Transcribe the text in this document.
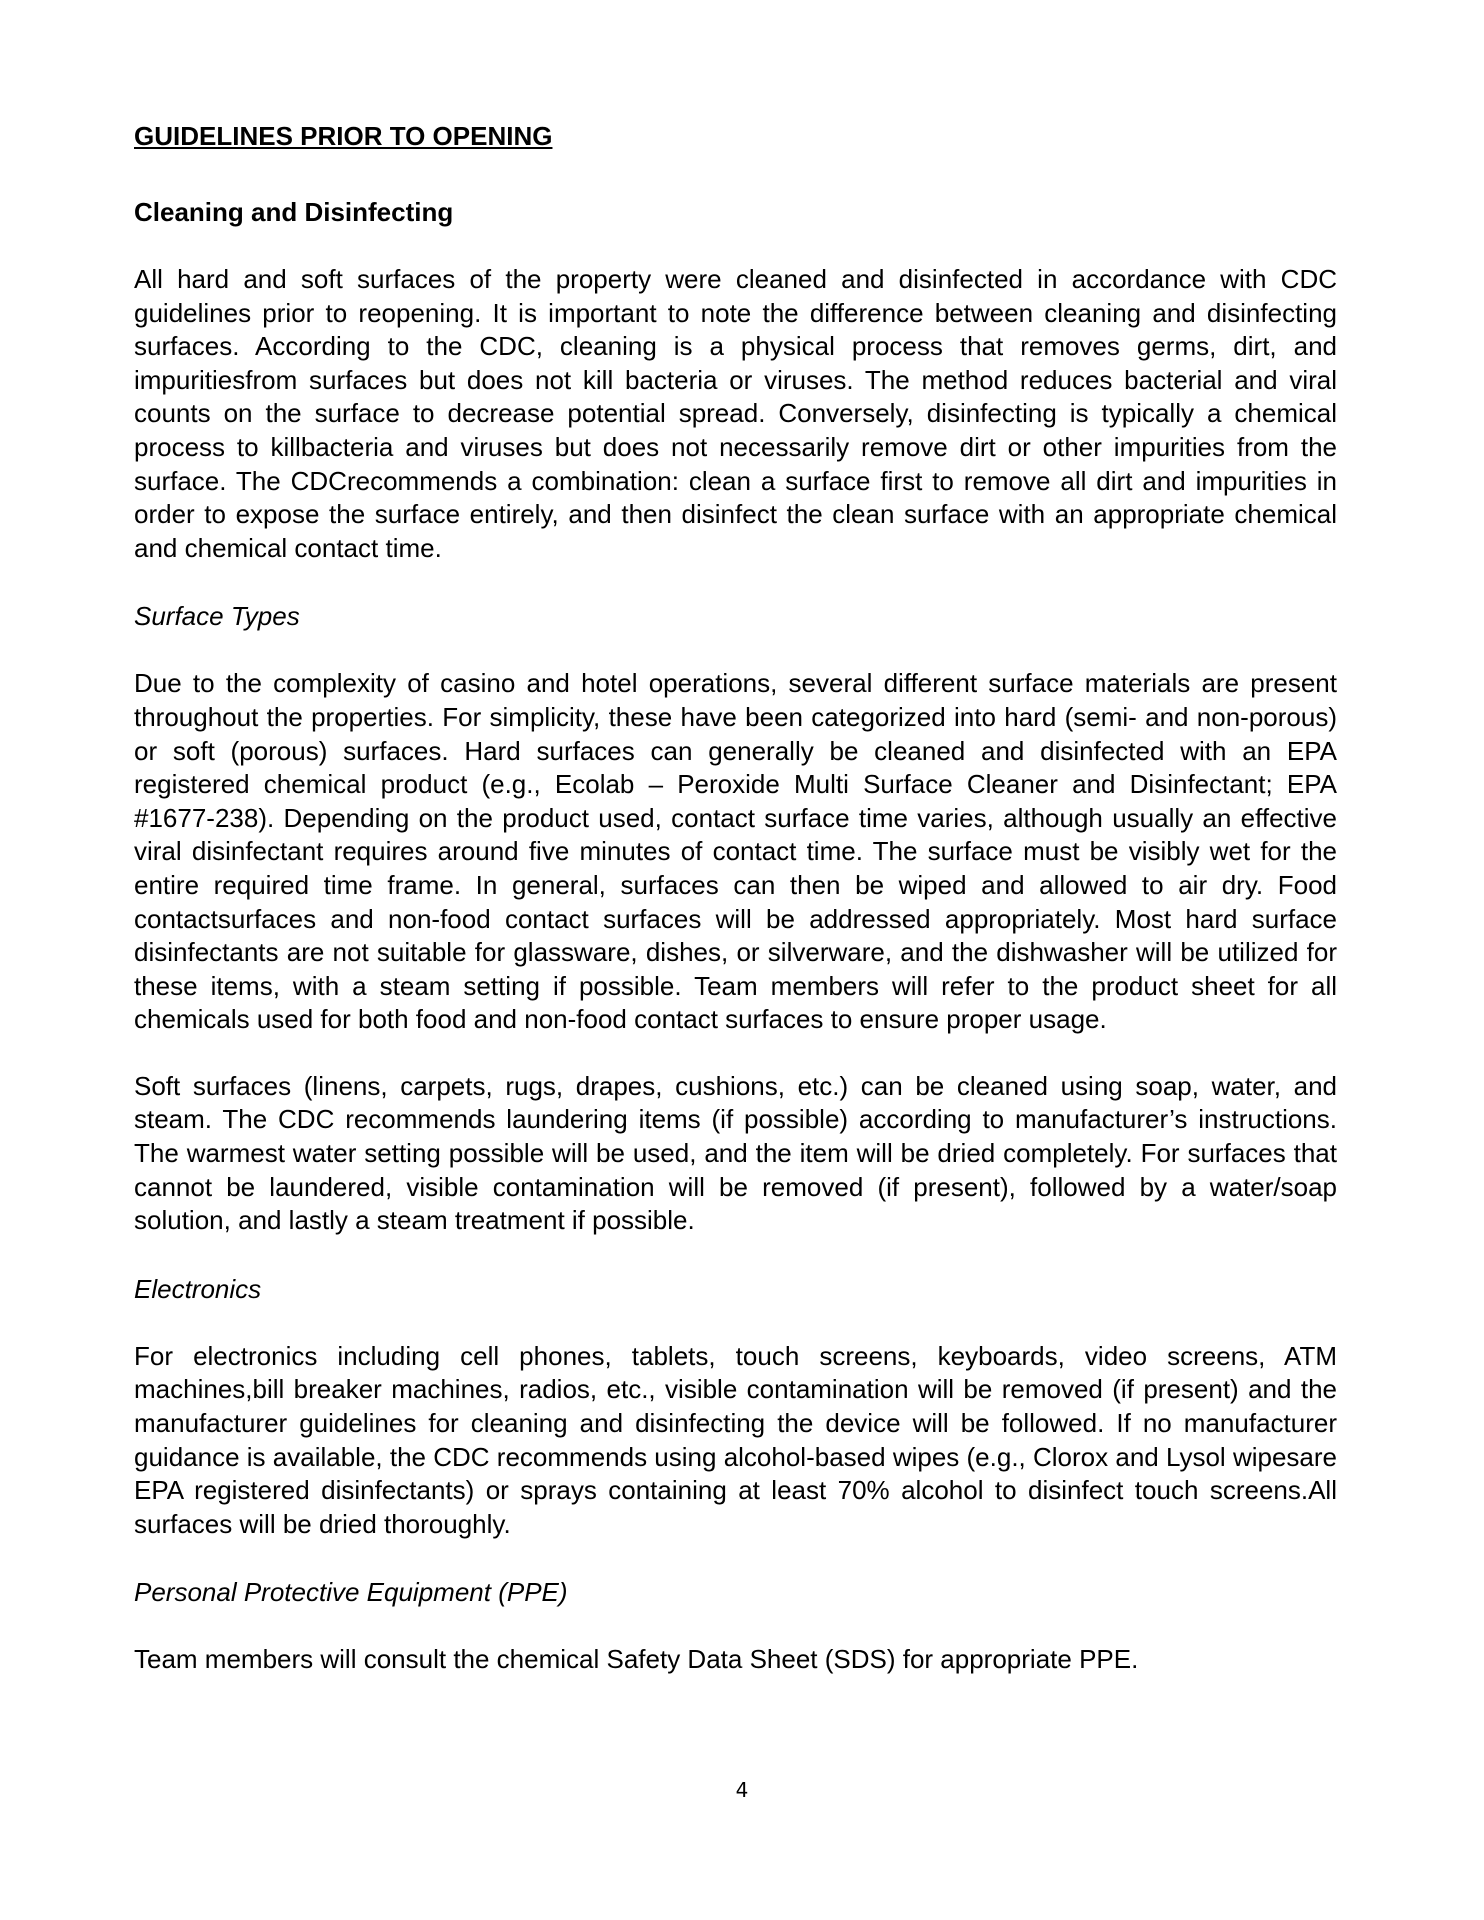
GUIDELINES PRIOR TO OPENING
Cleaning and Disinfecting

All hard and soft surfaces of the property were cleaned and disinfected in accordance with CDC guidelines prior to reopening. It is important to note the difference between cleaning and disinfecting surfaces. According to the CDC, cleaning is a physical process that removes germs, dirt, and impuritiesfrom surfaces but does not kill bacteria or viruses. The method reduces bacterial and viral counts on the surface to decrease potential spread. Conversely, disinfecting is typically a chemical process to killbacteria and viruses but does not necessarily remove dirt or other impurities from the surface. The CDCrecommends a combination: clean a surface first to remove all dirt and impurities in order to expose the surface entirely, and then disinfect the clean surface with an appropriate chemical and chemical contact time.

Surface Types

Due to the complexity of casino and hotel operations, several different surface materials are present throughout the properties. For simplicity, these have been categorized into hard (semi- and non-porous) or soft (porous) surfaces. Hard surfaces can generally be cleaned and disinfected with an EPA registered chemical product (e.g., Ecolab – Peroxide Multi Surface Cleaner and Disinfectant; EPA #1677-238). Depending on the product used, contact surface time varies, although usually an effective viral disinfectant requires around five minutes of contact time. The surface must be visibly wet for the entire required time frame. In general, surfaces can then be wiped and allowed to air dry. Food contactsurfaces and non-food contact surfaces will be addressed appropriately. Most hard surface disinfectants are not suitable for glassware, dishes, or silverware, and the dishwasher will be utilized for these items, with a steam setting if possible. Team members will refer to the product sheet for all chemicals used for both food and non-food contact surfaces to ensure proper usage.

Soft surfaces (linens, carpets, rugs, drapes, cushions, etc.) can be cleaned using soap, water, and steam. The CDC recommends laundering items (if possible) according to manufacturer’s instructions. The warmest water setting possible will be used, and the item will be dried completely. For surfaces that cannot be laundered, visible contamination will be removed (if present), followed by a water/soap solution, and lastly a steam treatment if possible.

Electronics

For electronics including cell phones, tablets, touch screens, keyboards, video screens, ATM machines,bill breaker machines, radios, etc., visible contamination will be removed (if present) and the manufacturer guidelines for cleaning and disinfecting the device will be followed. If no manufacturer guidance is available, the CDC recommends using alcohol-based wipes (e.g., Clorox and Lysol wipesare EPA registered disinfectants) or sprays containing at least 70% alcohol to disinfect touch screens.All surfaces will be dried thoroughly.

Personal Protective Equipment (PPE)

Team members will consult the chemical Safety Data Sheet (SDS) for appropriate PPE.

4
